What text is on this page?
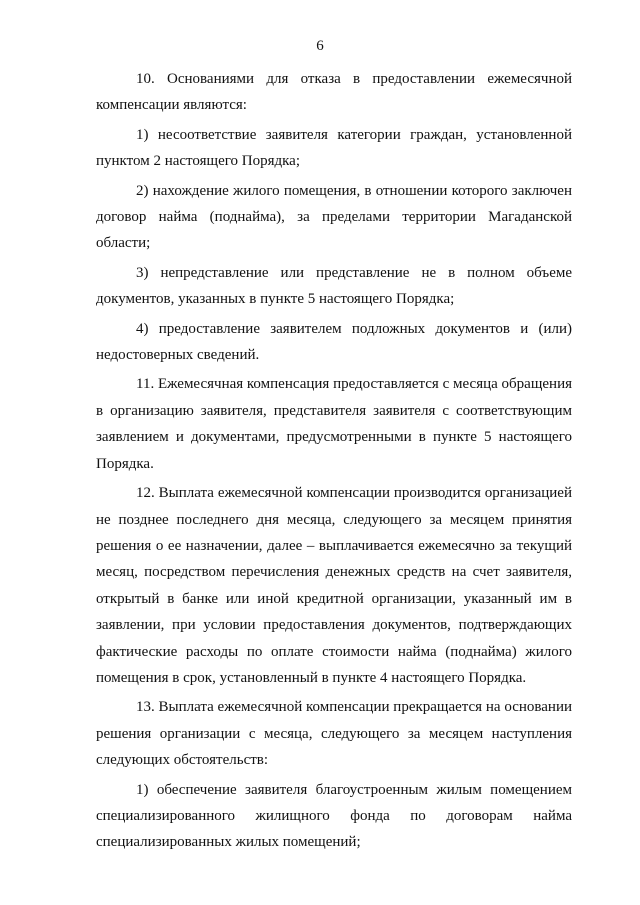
6

10. Основаниями для отказа в предоставлении ежемесячной компенсации являются:

1) несоответствие заявителя категории граждан, установленной пунктом 2 настоящего Порядка;

2) нахождение жилого помещения, в отношении которого заключен договор найма (поднайма), за пределами территории Магаданской области;

3) непредставление или представление не в полном объеме документов, указанных в пункте 5 настоящего Порядка;

4) предоставление заявителем подложных документов и (или) недостоверных сведений.

11. Ежемесячная компенсация предоставляется с месяца обращения в организацию заявителя, представителя заявителя с соответствующим заявлением и документами, предусмотренными в пункте 5 настоящего Порядка.

12. Выплата ежемесячной компенсации производится организацией не позднее последнего дня месяца, следующего за месяцем принятия решения о ее назначении, далее – выплачивается ежемесячно за текущий месяц, посредством перечисления денежных средств на счет заявителя, открытый в банке или иной кредитной организации, указанный им в заявлении, при условии предоставления документов, подтверждающих фактические расходы по оплате стоимости найма (поднайма) жилого помещения в срок, установленный в пункте 4 настоящего Порядка.

13. Выплата ежемесячной компенсации прекращается на основании решения организации с месяца, следующего за месяцем наступления следующих обстоятельств:

1) обеспечение заявителя благоустроенным жилым помещением специализированного жилищного фонда по договорам найма специализированных жилых помещений;
